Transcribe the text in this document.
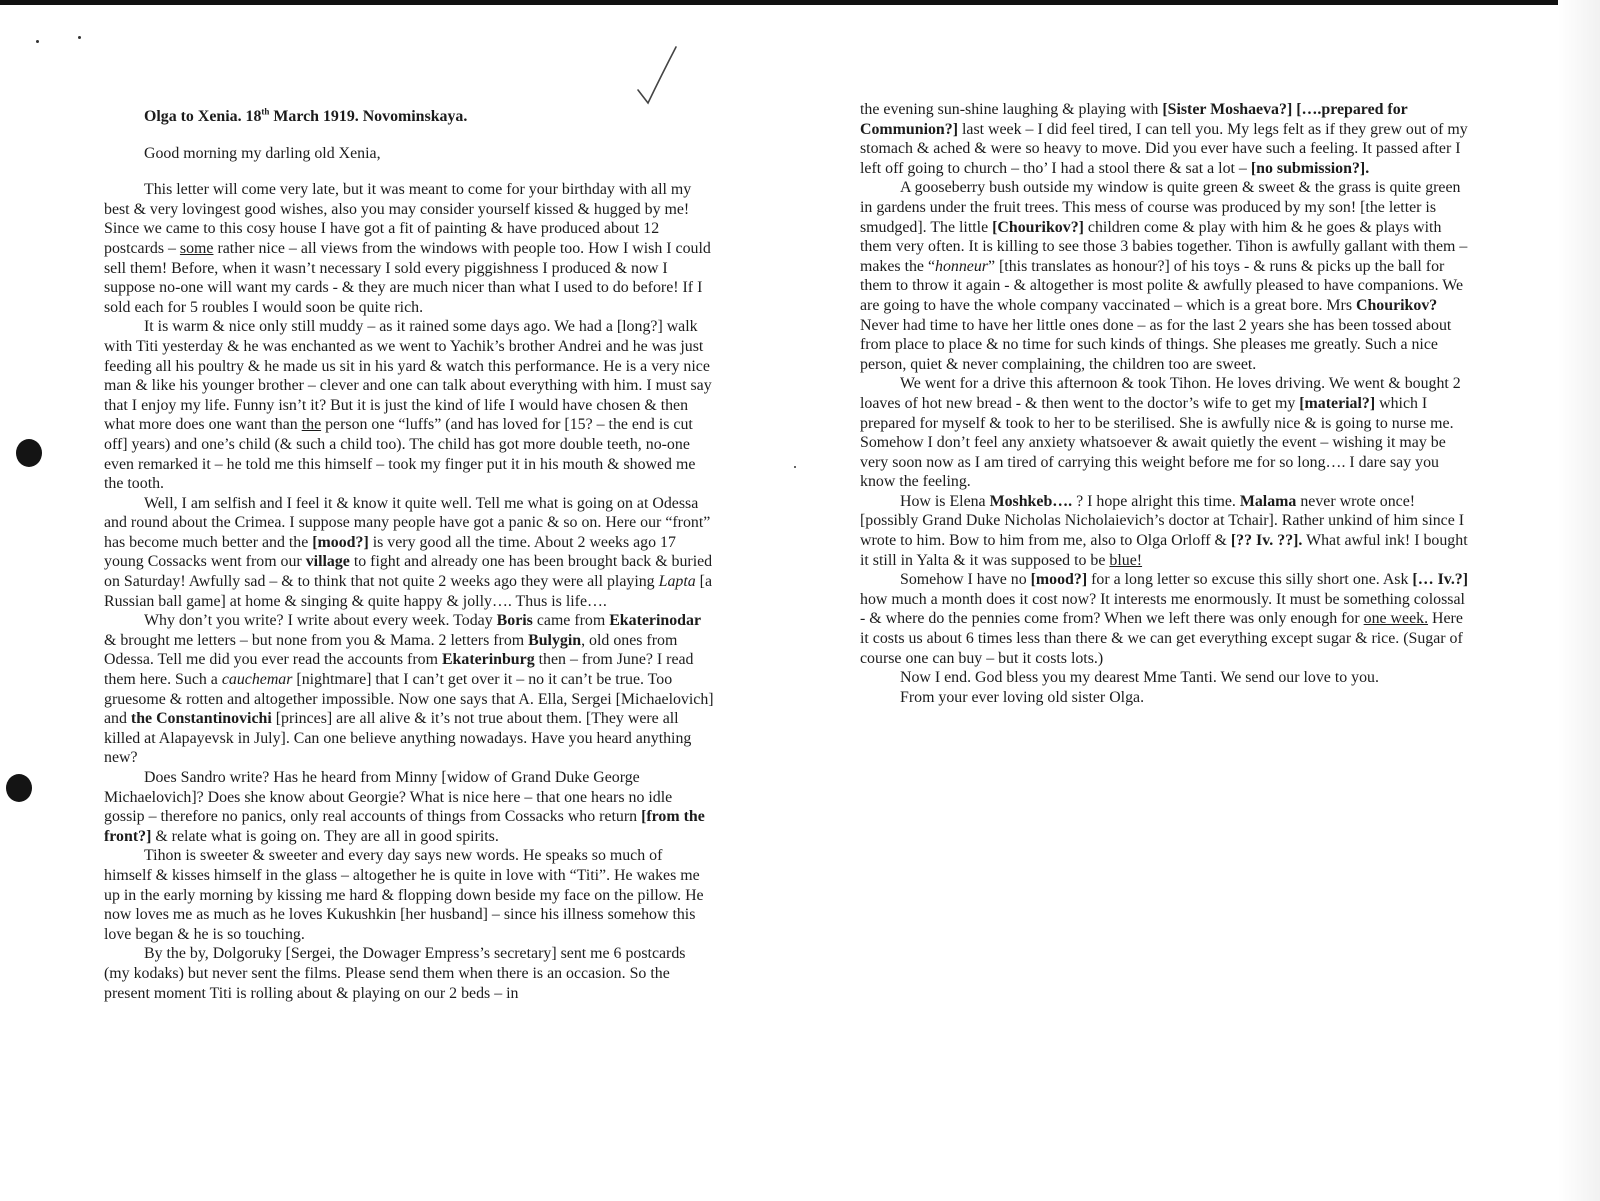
Olga to Xenia. 18th March 1919. Novominskaya.

Good morning my darling old Xenia,

This letter will come very late, but it was meant to come for your birthday with all my best & very lovingest good wishes, also you may consider yourself kissed & hugged by me! Since we came to this cosy house I have got a fit of painting & have produced about 12 postcards – some rather nice – all views from the windows with people too. How I wish I could sell them! Before, when it wasn’t necessary I sold every piggishness I produced & now I suppose no-one will want my cards - & they are much nicer than what I used to do before! If I sold each for 5 roubles I would soon be quite rich.

It is warm & nice only still muddy – as it rained some days ago. We had a [long?] walk with Titi yesterday & he was enchanted as we went to Yachik’s brother Andrei and he was just feeding all his poultry & he made us sit in his yard & watch this performance. He is a very nice man & like his younger brother – clever and one can talk about everything with him. I must say that I enjoy my life. Funny isn’t it? But it is just the kind of life I would have chosen & then what more does one want than the person one “luffs” (and has loved for [15? – the end is cut off] years) and one’s child (& such a child too). The child has got more double teeth, no-one even remarked it – he told me this himself – took my finger put it in his mouth & showed me the tooth.

Well, I am selfish and I feel it & know it quite well. Tell me what is going on at Odessa and round about the Crimea. I suppose many people have got a panic & so on. Here our “front” has become much better and the [mood?] is very good all the time. About 2 weeks ago 17 young Cossacks went from our village to fight and already one has been brought back & buried on Saturday! Awfully sad – & to think that not quite 2 weeks ago they were all playing Lapta [a Russian ball game] at home & singing & quite happy & jolly…. Thus is life….

Why don’t you write? I write about every week. Today Boris came from Ekaterinodar & brought me letters – but none from you & Mama. 2 letters from Bulygin, old ones from Odessa. Tell me did you ever read the accounts from Ekaterinburg then – from June? I read them here. Such a cauchemar [nightmare] that I can’t get over it – no it can’t be true. Too gruesome & rotten and altogether impossible. Now one says that A. Ella, Sergei [Michaelovich] and the Constantinovichi [princes] are all alive & it’s not true about them. [They were all killed at Alapayevsk in July]. Can one believe anything nowadays. Have you heard anything new?

Does Sandro write? Has he heard from Minny [widow of Grand Duke George Michaelovich]? Does she know about Georgie? What is nice here – that one hears no idle gossip – therefore no panics, only real accounts of things from Cossacks who return [from the front?] & relate what is going on. They are all in good spirits.

Tihon is sweeter & sweeter and every day says new words. He speaks so much of himself & kisses himself in the glass – altogether he is quite in love with “Titi”. He wakes me up in the early morning by kissing me hard & flopping down beside my face on the pillow. He now loves me as much as he loves Kukushkin [her husband] – since his illness somehow this love began & he is so touching.

By the by, Dolgoruky [Sergei, the Dowager Empress’s secretary] sent me 6 postcards (my kodaks) but never sent the films. Please send them when there is an occasion. So the present moment Titi is rolling about & playing on our 2 beds – in

the evening sun-shine laughing & playing with [Sister Moshaeva?] [….prepared for Communion?] last week – I did feel tired, I can tell you. My legs felt as if they grew out of my stomach & ached & were so heavy to move. Did you ever have such a feeling. It passed after I left off going to church – tho’ I had a stool there & sat a lot – [no submission?].

A gooseberry bush outside my window is quite green & sweet & the grass is quite green in gardens under the fruit trees. This mess of course was produced by my son! [the letter is smudged]. The little [Chourikov?] children come & play with him & he goes & plays with them very often. It is killing to see those 3 babies together. Tihon is awfully gallant with them – makes the “honneur” [this translates as honour?] of his toys - & runs & picks up the ball for them to throw it again - & altogether is most polite & awfully pleased to have companions. We are going to have the whole company vaccinated – which is a great bore. Mrs Chourikov? Never had time to have her little ones done – as for the last 2 years she has been tossed about from place to place & no time for such kinds of things. She pleases me greatly. Such a nice person, quiet & never complaining, the children too are sweet.

We went for a drive this afternoon & took Tihon. He loves driving. We went & bought 2 loaves of hot new bread - & then went to the doctor’s wife to get my [material?] which I prepared for myself & took to her to be sterilised. She is awfully nice & is going to nurse me. Somehow I don’t feel any anxiety whatsoever & await quietly the event – wishing it may be very soon now as I am tired of carrying this weight before me for so long…. I dare say you know the feeling.

How is Elena Moshkeb…. ? I hope alright this time. Malama never wrote once! [possibly Grand Duke Nicholas Nicholaievich’s doctor at Tchair]. Rather unkind of him since I wrote to him. Bow to him from me, also to Olga Orloff & [?? Iv. ??]. What awful ink! I bought it still in Yalta & it was supposed to be blue!

Somehow I have no [mood?] for a long letter so excuse this silly short one. Ask [… Iv.?] how much a month does it cost now? It interests me enormously. It must be something colossal - & where do the pennies come from? When we left there was only enough for one week. Here it costs us about 6 times less than there & we can get everything except sugar & rice. (Sugar of course one can buy – but it costs lots.)

Now I end. God bless you my dearest Mme Tanti. We send our love to you.

From your ever loving old sister Olga.
